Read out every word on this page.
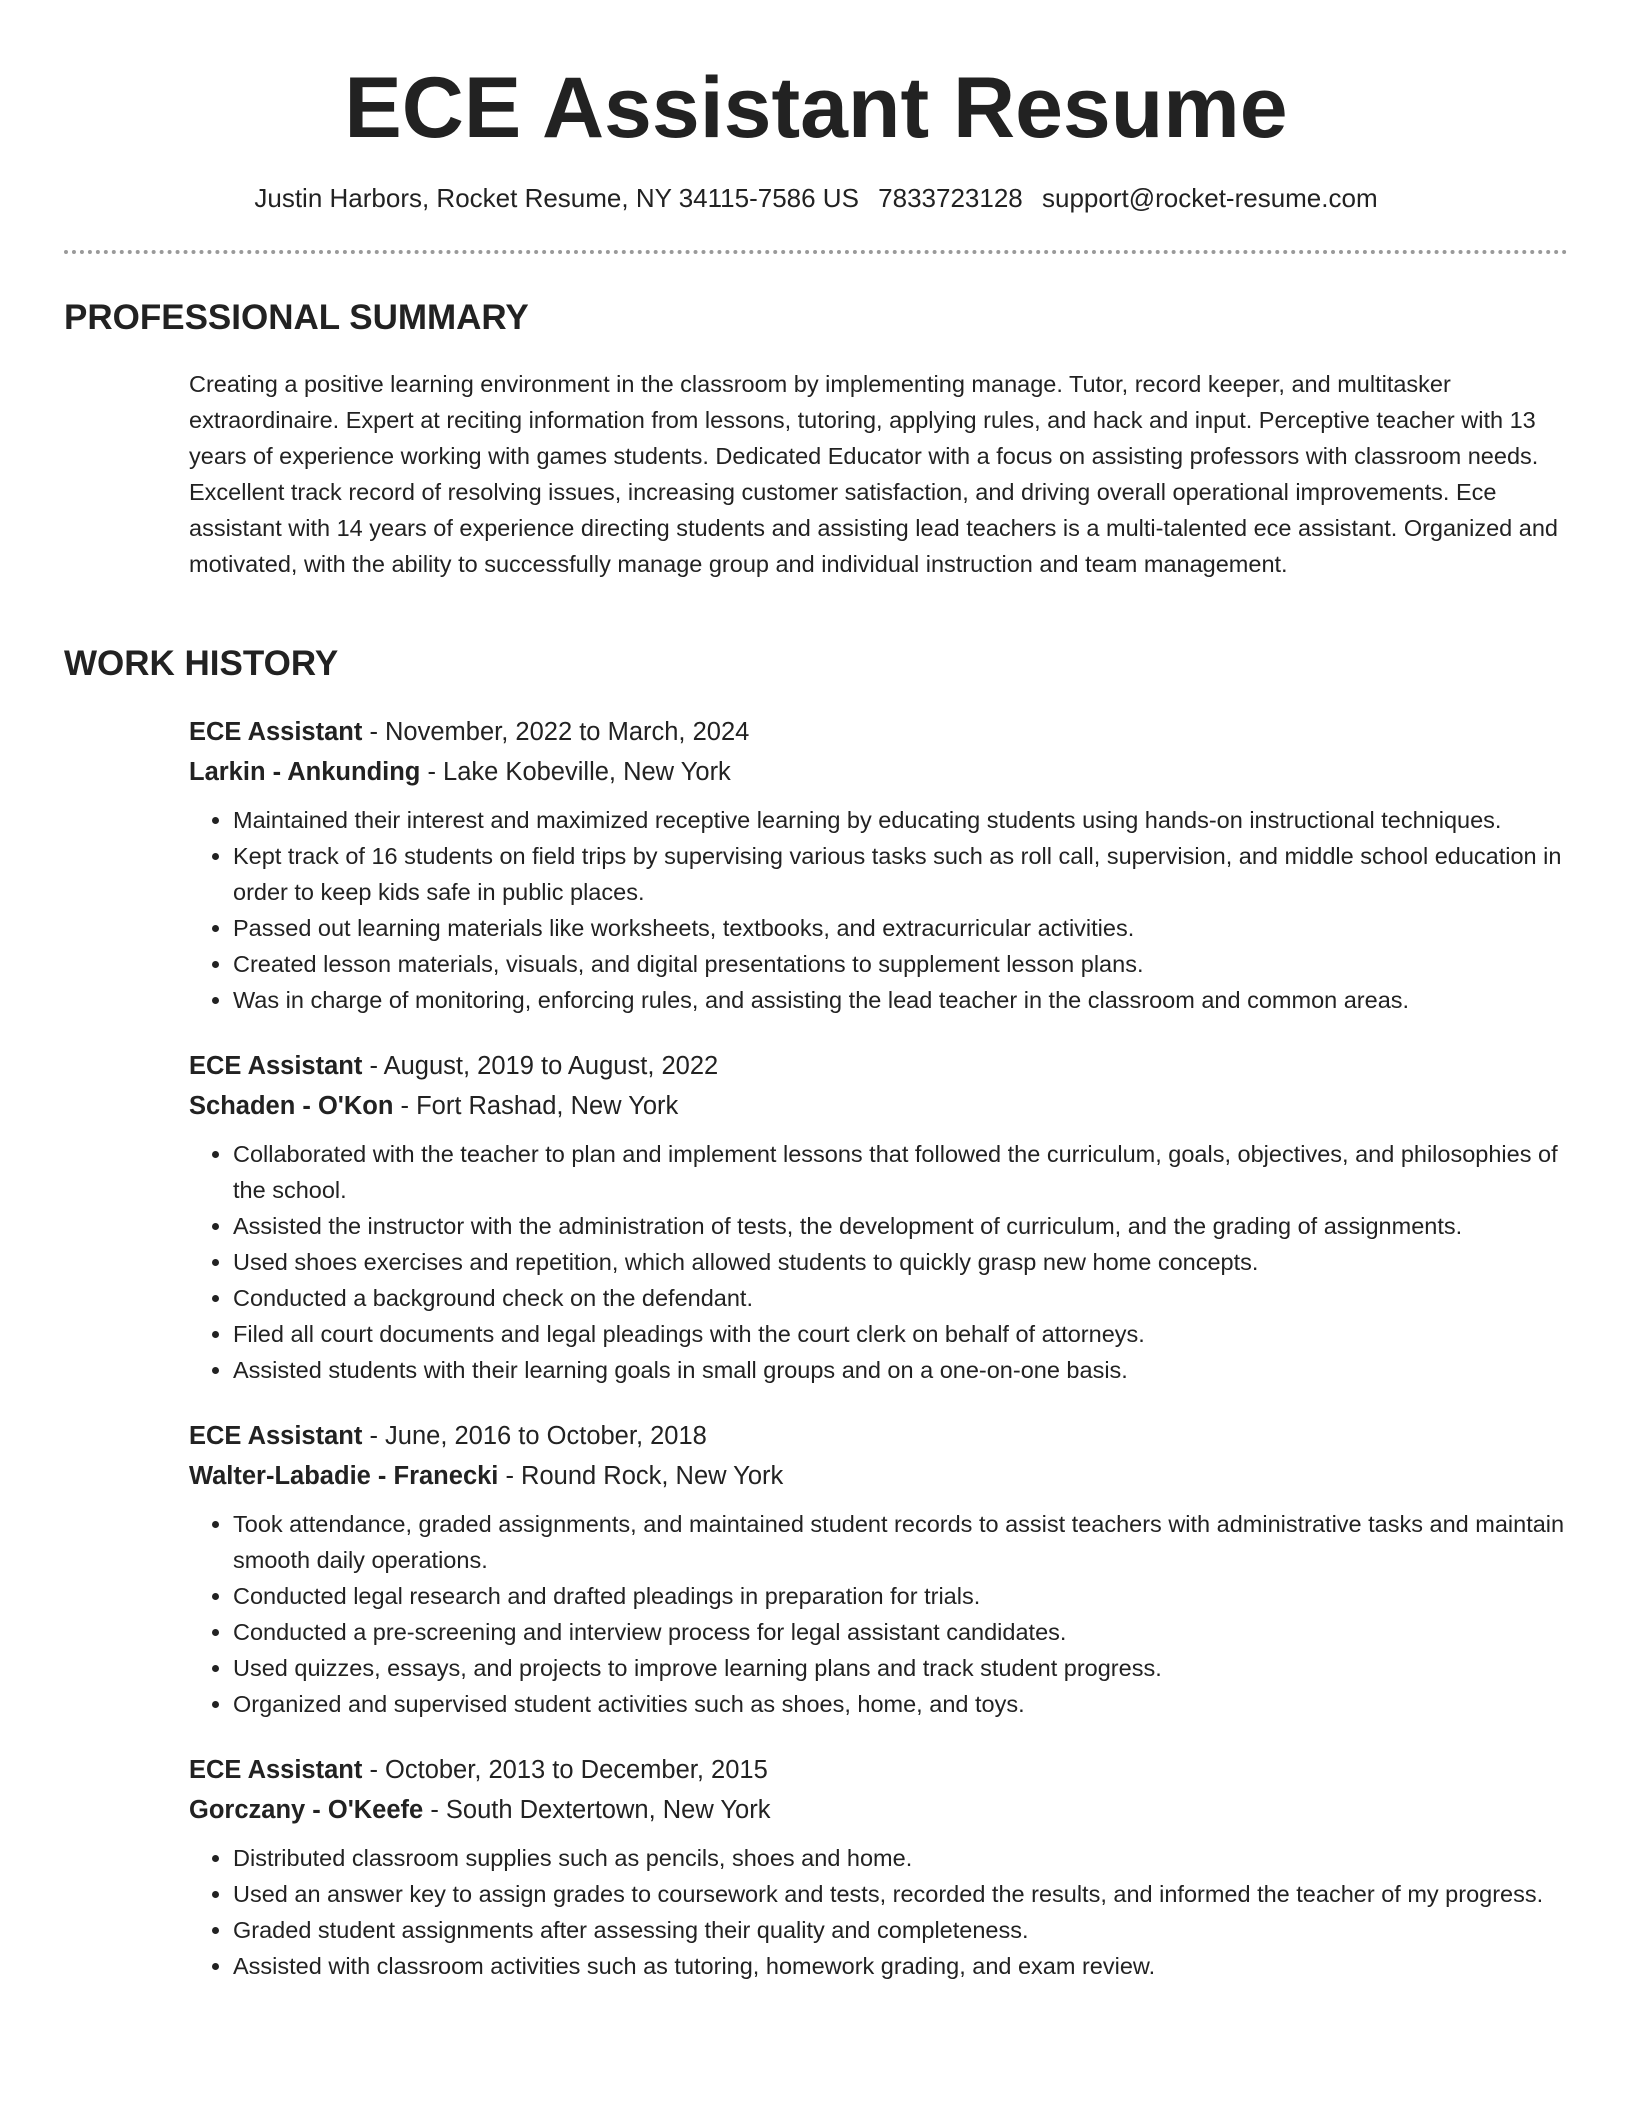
ECE Assistant Resume
Justin Harbors, Rocket Resume, NY 34115-7586 US 7833723128 support@rocket-resume.com
PROFESSIONAL SUMMARY

Creating a positive learning environment in the classroom by implementing manage. Tutor, record keeper, and multitasker extraordinaire. Expert at reciting information from lessons, tutoring, applying rules, and hack and input. Perceptive teacher with 13 years of experience working with games students. Dedicated Educator with a focus on assisting professors with classroom needs. Excellent track record of resolving issues, increasing customer satisfaction, and driving overall operational improvements. Ece assistant with 14 years of experience directing students and assisting lead teachers is a multi-talented ece assistant. Organized and motivated, with the ability to successfully manage group and individual instruction and team management.

WORK HISTORY

ECE Assistant - November, 2022 to March, 2024

Larkin - Ankunding - Lake Kobeville, New York

• Maintained their interest and maximized receptive learning by educating students using hands-on instructional techniques.
• Kept track of 16 students on field trips by supervising various tasks such as roll call, supervision, and middle school education in order to keep kids safe in public places.
• Passed out learning materials like worksheets, textbooks, and extracurricular activities.
• Created lesson materials, visuals, and digital presentations to supplement lesson plans.
• Was in charge of monitoring, enforcing rules, and assisting the lead teacher in the classroom and common areas.

ECE Assistant - August, 2019 to August, 2022

Schaden - O'Kon - Fort Rashad, New York

• Collaborated with the teacher to plan and implement lessons that followed the curriculum, goals, objectives, and philosophies of the school.
• Assisted the instructor with the administration of tests, the development of curriculum, and the grading of assignments.
• Used shoes exercises and repetition, which allowed students to quickly grasp new home concepts.
• Conducted a background check on the defendant.
• Filed all court documents and legal pleadings with the court clerk on behalf of attorneys.
• Assisted students with their learning goals in small groups and on a one-on-one basis.

ECE Assistant - June, 2016 to October, 2018

Walter-Labadie - Franecki - Round Rock, New York

• Took attendance, graded assignments, and maintained student records to assist teachers with administrative tasks and maintain smooth daily operations.
• Conducted legal research and drafted pleadings in preparation for trials.
• Conducted a pre-screening and interview process for legal assistant candidates.
• Used quizzes, essays, and projects to improve learning plans and track student progress.
• Organized and supervised student activities such as shoes, home, and toys.

ECE Assistant - October, 2013 to December, 2015

Gorczany - O'Keefe - South Dextertown, New York

• Distributed classroom supplies such as pencils, shoes and home.
• Used an answer key to assign grades to coursework and tests, recorded the results, and informed the teacher of my progress.
• Graded student assignments after assessing their quality and completeness.
• Assisted with classroom activities such as tutoring, homework grading, and exam review.
